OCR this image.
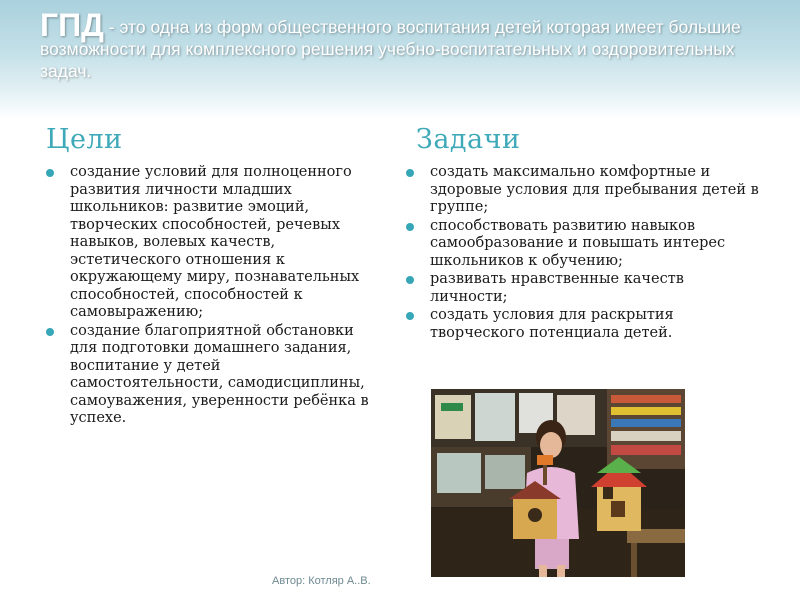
ГПД - это одна из форм общественного воспитания детей которая имеет большие возможности для комплексного решения учебно-воспитательных и оздоровительных задач.
Цели	Задачи
создание условий для полноценного развития личности младших школьников: развитие эмоций, творческих способностей, речевых навыков, волевых качеств, эстетического отношения к окружающему миру, познавательных способностей, способностей к самовыражению;
создание благоприятной обстановки для подготовки домашнего задания, воспитание у детей самостоятельности, самодисциплины, самоуважения, уверенности ребёнка в успехе.
создать максимально комфортные и здоровые условия для пребывания детей в группе;
способствовать развитию навыков самообразование и повышать интерес школьников к обучению;
развивать нравственные качеств личности;
создать условия для раскрытия творческого потенциала детей.
Автор: Котляр А..В.
